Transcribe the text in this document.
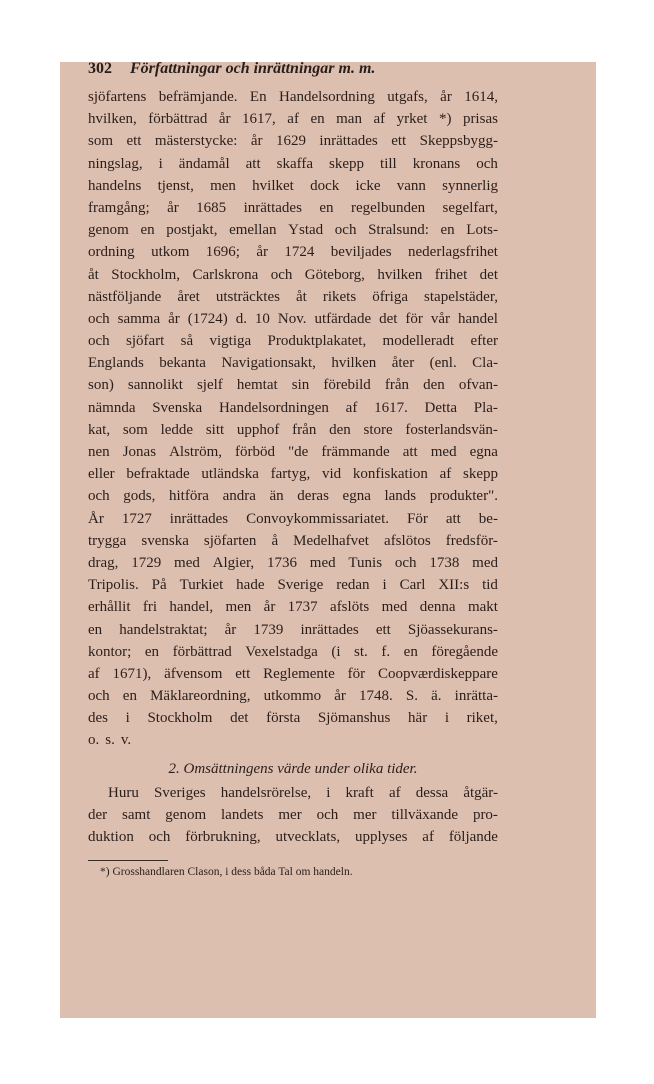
302 Författningar och inrättningar m. m.
sjöfartens befrämjande. En Handelsordning utgafs, år 1614,
hvilken, förbättrad år 1617, af en man af yrket *) prisas
som ett mästerstycke: år 1629 inrättades ett Skeppsbygg-
ningslag, i ändamål att skaffa skepp till kronans och
handelns tjenst, men hvilket dock icke vann synnerlig
framgång; år 1685 inrättades en regelbunden segelfart,
genom en postjakt, emellan Ystad och Stralsund: en Lots-
ordning utkom 1696; år 1724 beviljades nederlagsfrihet
åt Stockholm, Carlskrona och Göteborg, hvilken frihet det
nästföljande året utsträcktes åt rikets öfriga stapelstäder,
och samma år (1724) d. 10 Nov. utfärdade det för vår handel
och sjöfart så vigtiga Produktplakatet, modelleradt efter
Englands bekanta Navigationsakt, hvilken åter (enl. Cla-
son) sannolikt sjelf hemtat sin förebild från den ofvan-
nämnda Svenska Handelsordningen af 1617. Detta Pla-
kat, som ledde sitt upphof från den store fosterlandsvän-
nen Jonas Alström, förböd "de främmande att med egna
eller befraktade utländska fartyg, vid konfiskation af skepp
och gods, hitföra andra än deras egna lands produkter".
År 1727 inrättades Convoykommissariatet. För att be-
trygga svenska sjöfarten å Medelhafvet afslötos fredsför-
drag, 1729 med Algier, 1736 med Tunis och 1738 med
Tripolis. På Turkiet hade Sverige redan i Carl XII:s tid
erhållit fri handel, men år 1737 afslöts med denna makt
en handelstraktat; år 1739 inrättades ett Sjöassekurans-
kontor; en förbättrad Vexelstadga (i st. f. en föregående
af 1671), äfvensom ett Reglemente för Coopværdiskeppare
och en Mäklareordning, utkommo år 1748. S. ä. inrätta-
des i Stockholm det första Sjömanshus här i riket,
o. s. v.
2. Omsättningens värde under olika tider.
Huru Sveriges handelsrörelse, i kraft af dessa åtgär-
der samt genom landets mer och mer tillväxande pro-
duktion och förbrukning, utvecklats, upplyses af följande
*) Grosshandlaren Clason, i dess båda Tal om handeln.
